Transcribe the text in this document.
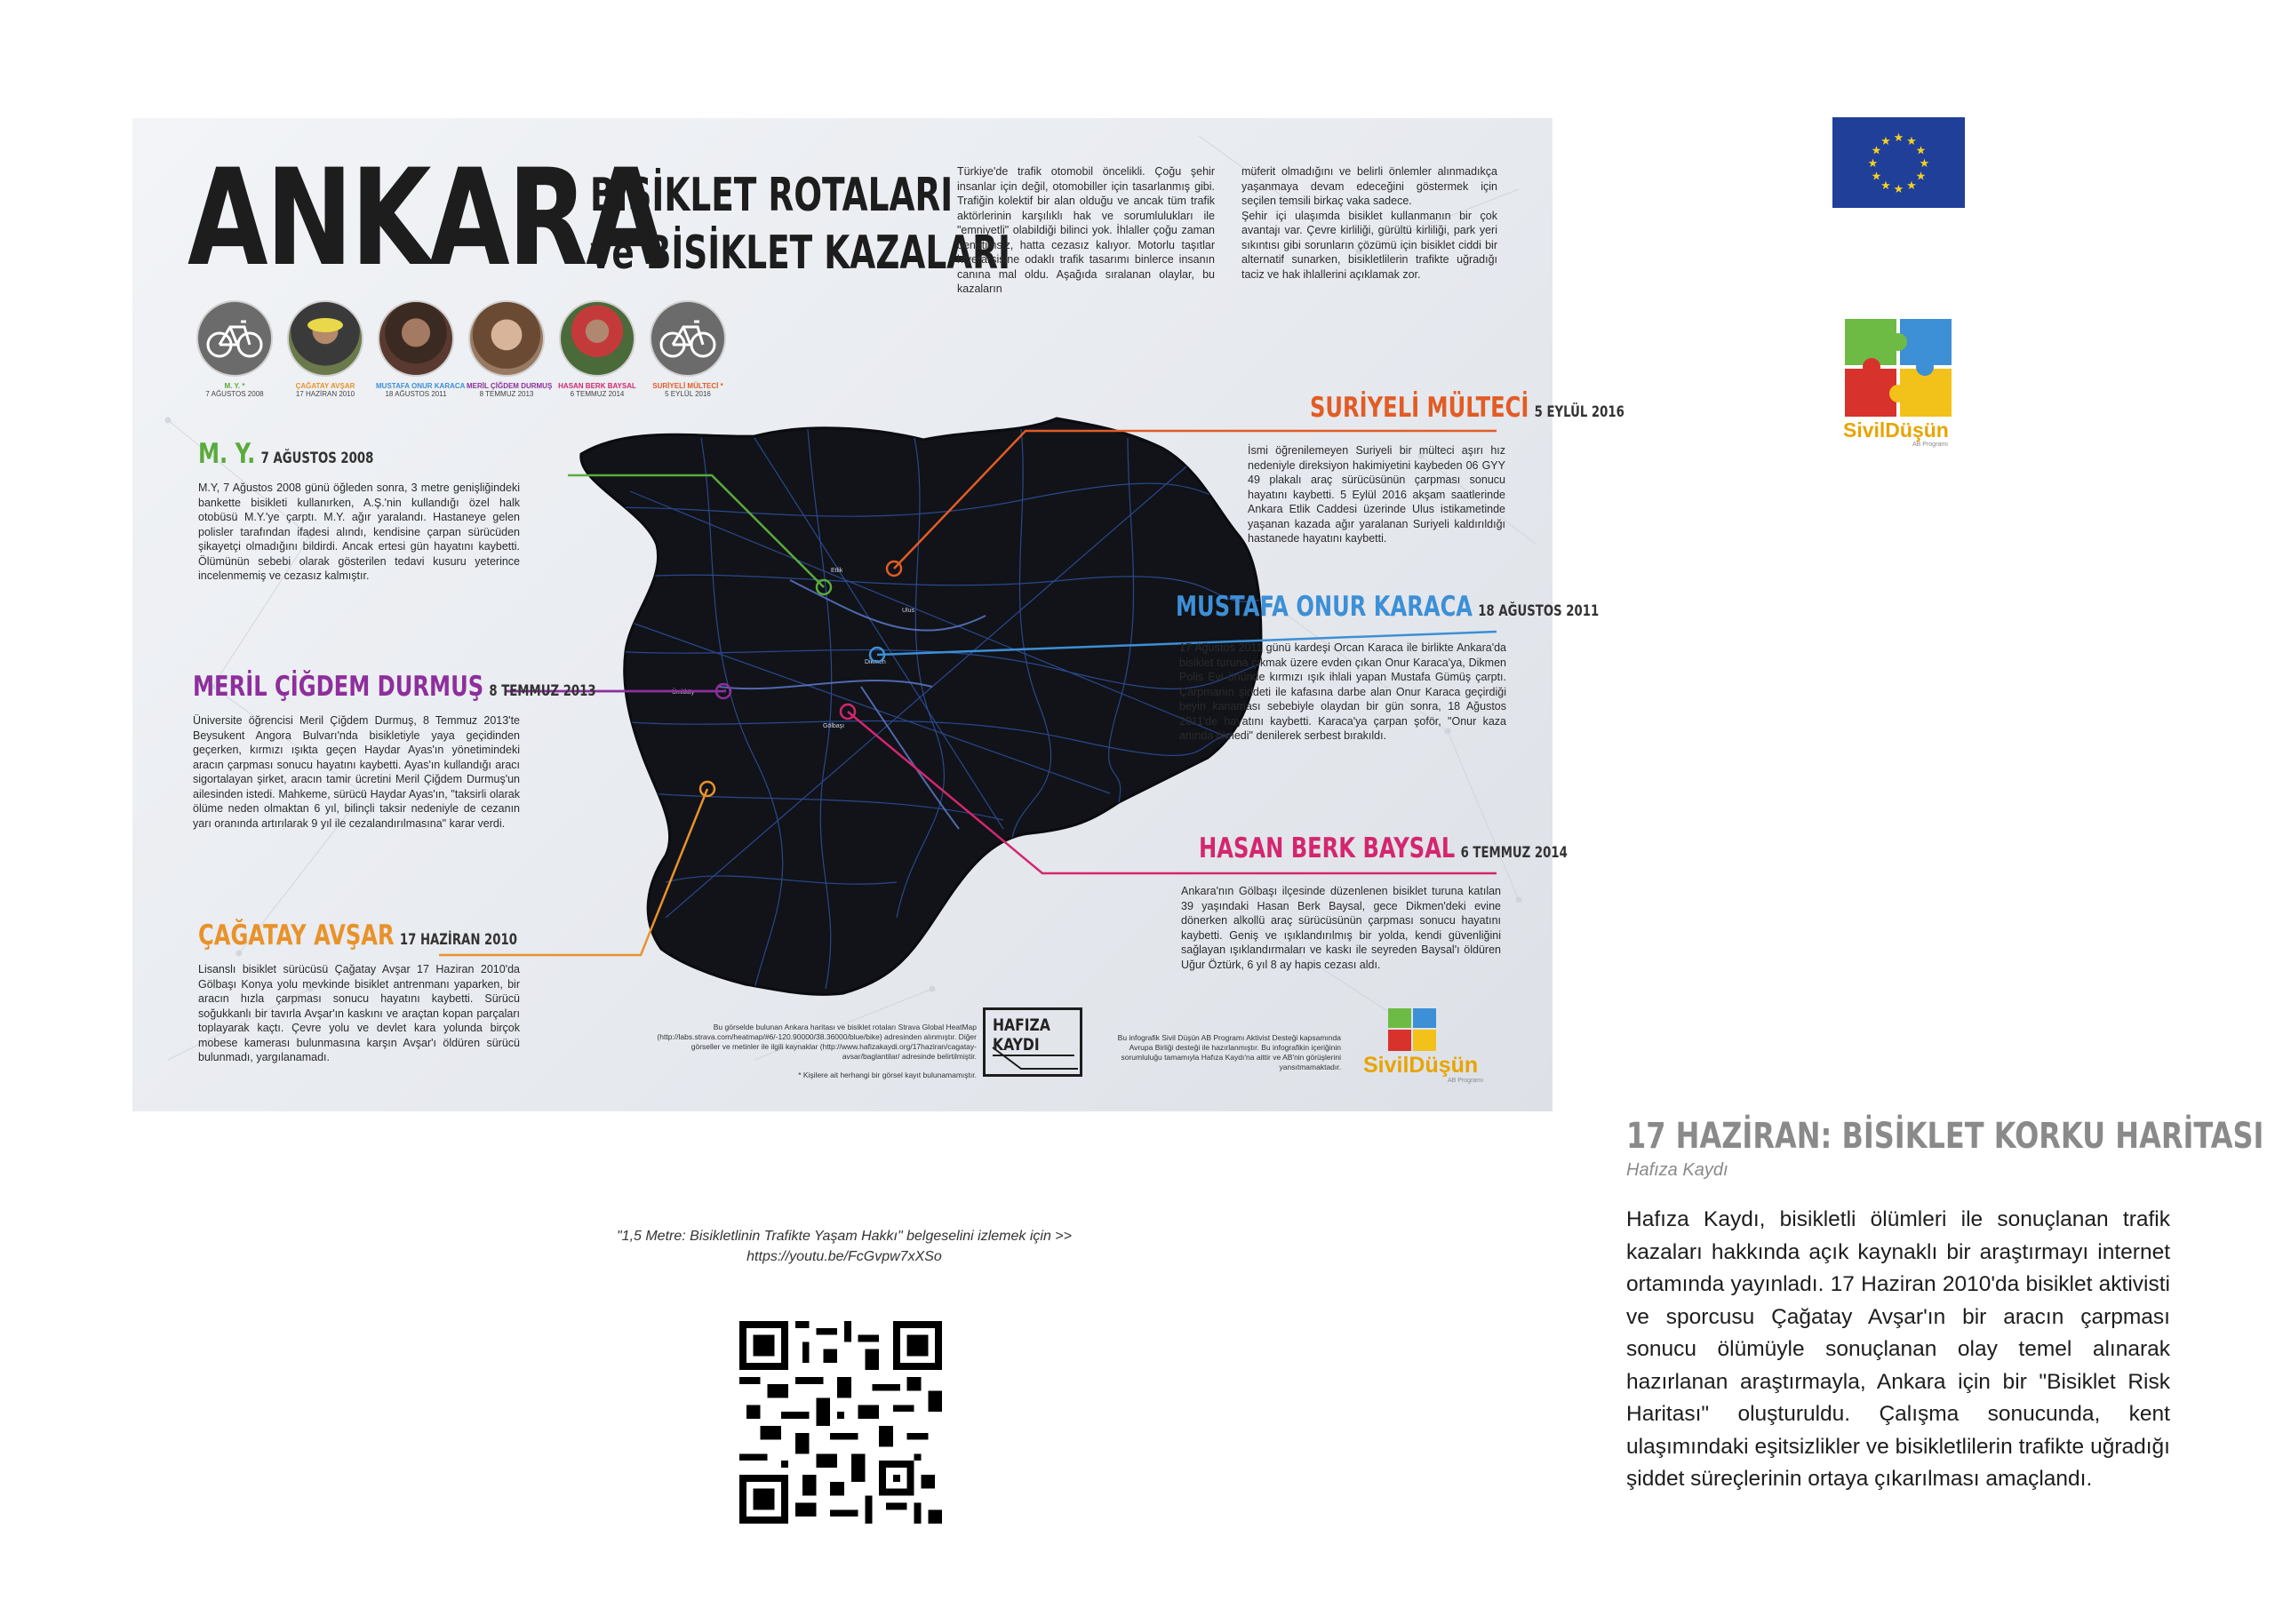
ANKARA
BİSİKLET ROTALARI
ve BİSİKLET KAZALARI
Türkiye'de trafik otomobil öncelikli. Çoğu şehir insanlar için değil, otomobiller için tasarlanmış gibi. Trafiğin kolektif bir alan olduğu ve ancak tüm trafik aktörlerinin karşılıklı hak ve sorumlulukları ile "emniyetli" olabildiği bilinci yok. İhlaller çoğu zaman denetimsiz, hatta cezasız kalıyor. Motorlu taşıtlar hiyerarşisine odaklı trafik tasarımı binlerce insanın canına mal oldu. Aşağıda sıralanan olaylar, bu kazaların

müferit olmadığını ve belirli önlemler alınmadıkça yaşanmaya devam edeceğini göstermek için seçilen temsili birkaç vaka sadece.

Şehir içi ulaşımda bisiklet kullanmanın bir çok avantajı var. Çevre kirliliği, gürültü kirliliği, park yeri sıkıntısı gibi sorunların çözümü için bisiklet ciddi bir alternatif sunarken, bisikletlilerin trafikte uğradığı taciz ve hak ihlallerini açıklamak zor.

M. Y. *
7 AĞUSTOS 2008
ÇAĞATAY AVŞAR
17 HAZİRAN 2010
MUSTAFA ONUR KARACA
18 AĞUSTOS 2011
MERİL ÇİĞDEM DURMUŞ
8 TEMMUZ 2013
HASAN BERK BAYSAL
6 TEMMUZ 2014
SURİYELİ MÜLTECİ *
5 EYLÜL 2016
Etlik
Ulus
Dikmen
Ümitköy
Gölbaşı
M. Y. 7 AĞUSTOS 2008
M.Y, 7 Ağustos 2008 günü öğleden sonra, 3 metre genişliğindeki bankette bisikleti kullanırken, A.Ş.'nin kullandığı özel halk otobüsü M.Y.'ye çarptı. M.Y. ağır yaralandı. Hastaneye gelen polisler tarafından ifadesi alındı, kendisine çarpan sürücüden şikayetçi olmadığını bildirdi. Ancak ertesi gün hayatını kaybetti. Ölümünün sebebi olarak gösterilen tedavi kusuru yeterince incelenmemiş ve cezasız kalmıştır.
MERİL ÇİĞDEM DURMUŞ 8 TEMMUZ 2013
Üniversite öğrencisi Meril Çiğdem Durmuş, 8 Temmuz 2013'te Beysukent Angora Bulvarı'nda bisikletiyle yaya geçidinden geçerken, kırmızı ışıkta geçen Haydar Ayas'ın yönetimindeki aracın çarpması sonucu hayatını kaybetti. Ayas'ın kullandığı aracı sigortalayan şirket, aracın tamir ücretini Meril Çiğdem Durmuş'un ailesinden istedi. Mahkeme, sürücü Haydar Ayas'ın, "taksirli olarak ölüme neden olmaktan 6 yıl, bilinçli taksir nedeniyle de cezanın yarı oranında artırılarak 9 yıl ile cezalandırılmasına" karar verdi.
ÇAĞATAY AVŞAR 17 HAZİRAN 2010
Lisanslı bisiklet sürücüsü Çağatay Avşar 17 Haziran 2010'da Gölbaşı Konya yolu mevkinde bisiklet antrenmanı yaparken, bir aracın hızla çarpması sonucu hayatını kaybetti. Sürücü soğukkanlı bir tavırla Avşar'ın kaskını ve araçtan kopan parçaları toplayarak kaçtı. Çevre yolu ve devlet kara yolunda birçok mobese kamerası bulunmasına karşın Avşar'ı öldüren sürücü bulunmadı, yargılanamadı.
SURİYELİ MÜLTECİ 5 EYLÜL 2016
İsmi öğrenilemeyen Suriyeli bir mülteci aşırı hız nedeniyle direksiyon hakimiyetini kaybeden 06 GYY 49 plakalı araç sürücüsünün çarpması sonucu hayatını kaybetti. 5 Eylül 2016 akşam saatlerinde Ankara Etlik Caddesi üzerinde Ulus istikametinde yaşanan kazada ağır yaralanan Suriyeli kaldırıldığı hastanede hayatını kaybetti.
MUSTAFA ONUR KARACA 18 AĞUSTOS 2011
17 Ağustos 2011 günü kardeşi Orcan Karaca ile birlikte Ankara'da bisiklet turuna çıkmak üzere evden çıkan Onur Karaca'ya, Dikmen Polis Evi önünde kırmızı ışık ihlali yapan Mustafa Gümüş çarptı. Çarpmanın şiddeti ile kafasına darbe alan Onur Karaca geçirdiği beyin kanaması sebebiyle olaydan bir gün sonra, 18 Ağustos 2011'de hayatını kaybetti. Karaca'ya çarpan şoför, "Onur kaza anında ölmedi" denilerek serbest bırakıldı.
HASAN BERK BAYSAL 6 TEMMUZ 2014
Ankara'nın Gölbaşı ilçesinde düzenlenen bisiklet turuna katılan 39 yaşındaki Hasan Berk Baysal, gece Dikmen'deki evine dönerken alkollü araç sürücüsünün çarpması sonucu hayatını kaybetti. Geniş ve ışıklandırılmış bir yolda, kendi güvenliğini sağlayan ışıklandırmaları ve kaskı ile seyreden Baysal'ı öldüren Uğur Öztürk, 6 yıl 8 ay hapis cezası aldı.
Bu görselde bulunan Ankara haritası ve bisiklet rotaları Strava Global HeatMap (http://labs.strava.com/heatmap/#6/-120.90000/38.36000/blue/bike) adresinden alınmıştır. Diğer görseller ve metinler ile ilgili kaynaklar (http://www.hafizakaydi.org/17haziran/cagatay-avsar/baglantilar/ adresinde belirtilmiştir.
* Kişilere ait herhangi bir görsel kayıt bulunamamıştır.
HAFIZA KAYDI	Bu infografik Sivil Düşün AB Programı Aktivist Desteği kapsamında Avrupa Birliği desteği ile hazırlanmıştır. Bu infografikin içeriğinin sorumluluğu tamamıyla Hafıza Kaydı'na aittir ve AB'nin görüşlerini yansıtmamaktadır. SivilDüşün
AB Programı
★ ★
★
★
★
★
★
★
★
★
★
★
SivilDüşün
AB Programı
17 HAZİRAN: BİSİKLET KORKU HARİTASI
Hafıza Kaydı
Hafıza Kaydı, bisikletli ölümleri ile sonuçlanan trafik kazaları hakkında açık kaynaklı bir araştırmayı internet ortamında yayınladı. 17 Haziran 2010'da bisiklet aktivisti ve sporcusu Çağatay Avşar'ın bir aracın çarpması sonucu ölümüyle sonuçlanan olay temel alınarak hazırlanan araştırmayla, Ankara için bir "Bisiklet Risk Haritası" oluşturuldu. Çalışma sonucunda, kent ulaşımındaki eşitsizlikler ve bisikletlilerin trafikte uğradığı şiddet süreçlerinin ortaya çıkarılması amaçlandı.
"1,5 Metre: Bisikletlinin Trafikte Yaşam Hakkı" belgeselini izlemek için >>
https://youtu.be/FcGvpw7xXSo
